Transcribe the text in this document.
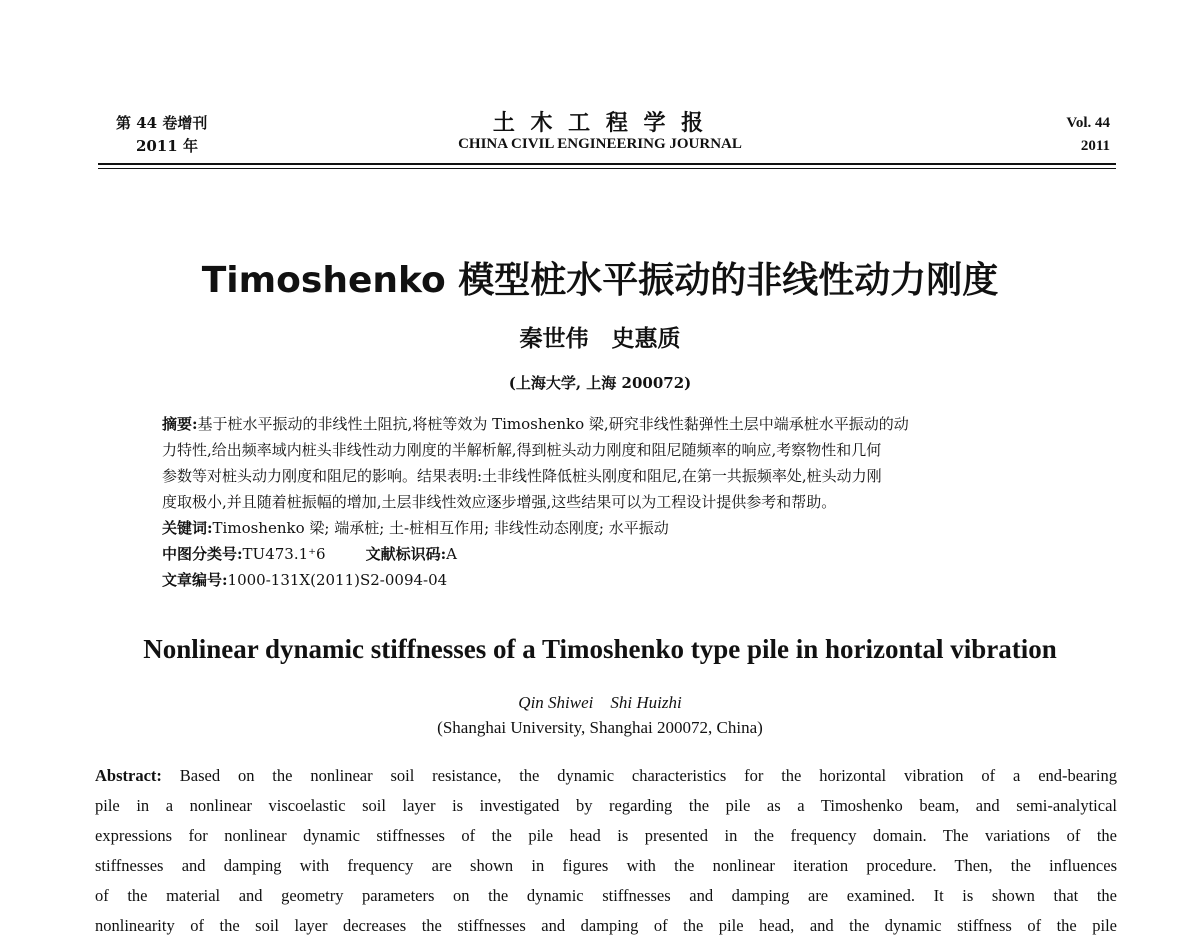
第 44 卷增刊
2011 年
土 木 工 程 学 报
CHINA CIVIL ENGINEERING JOURNAL
Vol. 44
2011
Timoshenko 模型桩水平振动的非线性动力刚度
秦世伟　史惠质
(上海大学, 上海 200072)

摘要:基于桩水平振动的非线性土阻抗,将桩等效为 Timoshenko 梁,研究非线性黏弹性土层中端承桩水平振动的动

力特性,给出频率域内桩头非线性动力刚度的半解析解,得到桩头动力刚度和阻尼随频率的响应,考察物性和几何

参数等对桩头动力刚度和阻尼的影响。结果表明:土非线性降低桩头刚度和阻尼,在第一共振频率处,桩头动力刚

度取极小,并且随着桩振幅的增加,土层非线性效应逐步增强,这些结果可以为工程设计提供参考和帮助。

关键词:Timoshenko 梁; 端承桩; 土-桩相互作用; 非线性动态刚度; 水平振动

中图分类号:TU473.1⁺6	文献标识码:A

文章编号:1000-131X(2011)S2-0094-04

Nonlinear dynamic stiffnesses of a Timoshenko type pile in horizontal vibration
Qin Shiwei　Shi Huizhi
(Shanghai University, Shanghai 200072, China)

Abstract: Based on the nonlinear soil resistance, the dynamic characteristics for the horizontal vibration of a end-bearing

pile in a nonlinear viscoelastic soil layer is investigated by regarding the pile as a Timoshenko beam, and semi-analytical

expressions for nonlinear dynamic stiffnesses of the pile head is presented in the frequency domain. The variations of the

stiffnesses and damping with frequency are shown in figures with the nonlinear iteration procedure. Then, the influences

of the material and geometry parameters on the dynamic stiffnesses and damping are examined. It is shown that the

nonlinearity of the soil layer decreases the stiffnesses and damping of the pile head, and the dynamic stiffness of the pile
